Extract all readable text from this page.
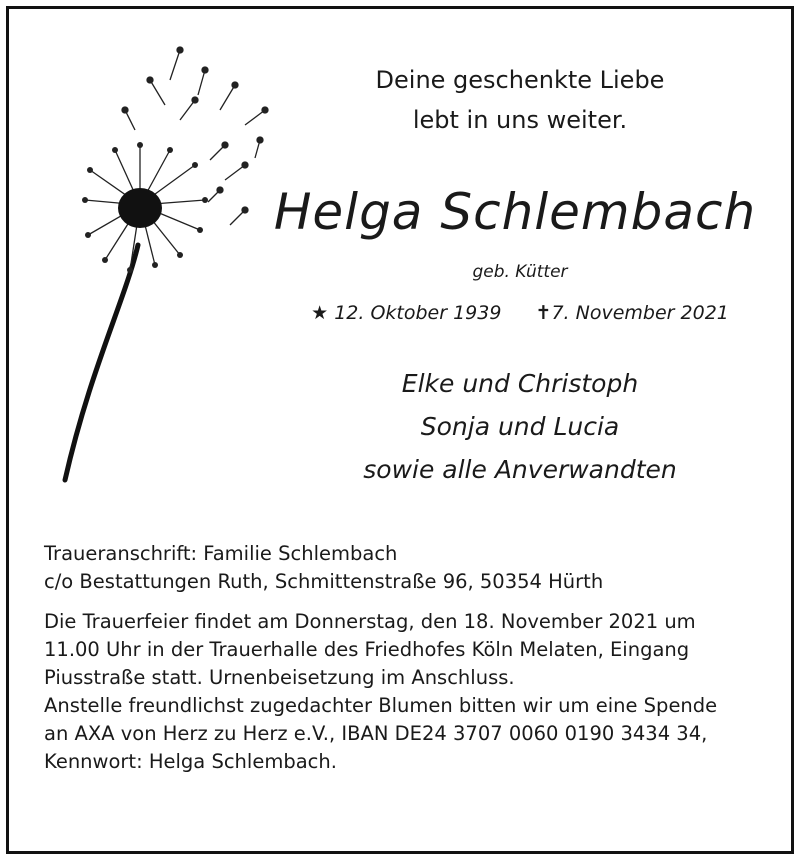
Deine geschenkte Liebe
lebt in uns weiter.
Helga Schlembach
geb. Kütter
★ 12. Oktober 1939 ✝7. November 2021
Elke und Christoph
Sonja und Lucia
sowie alle Anverwandten

Traueranschrift: Familie Schlembach

c/o Bestattungen Ruth, Schmittenstraße 96, 50354 Hürth

Die Trauerfeier findet am Donnerstag, den 18. November 2021 um

11.00 Uhr in der Trauerhalle des Friedhofes Köln Melaten, Eingang

Piusstraße statt. Urnenbeisetzung im Anschluss.

Anstelle freundlichst zugedachter Blumen bitten wir um eine Spende

an AXA von Herz zu Herz e.V., IBAN DE24 3707 0060 0190 3434 34,

Kennwort: Helga Schlembach.
